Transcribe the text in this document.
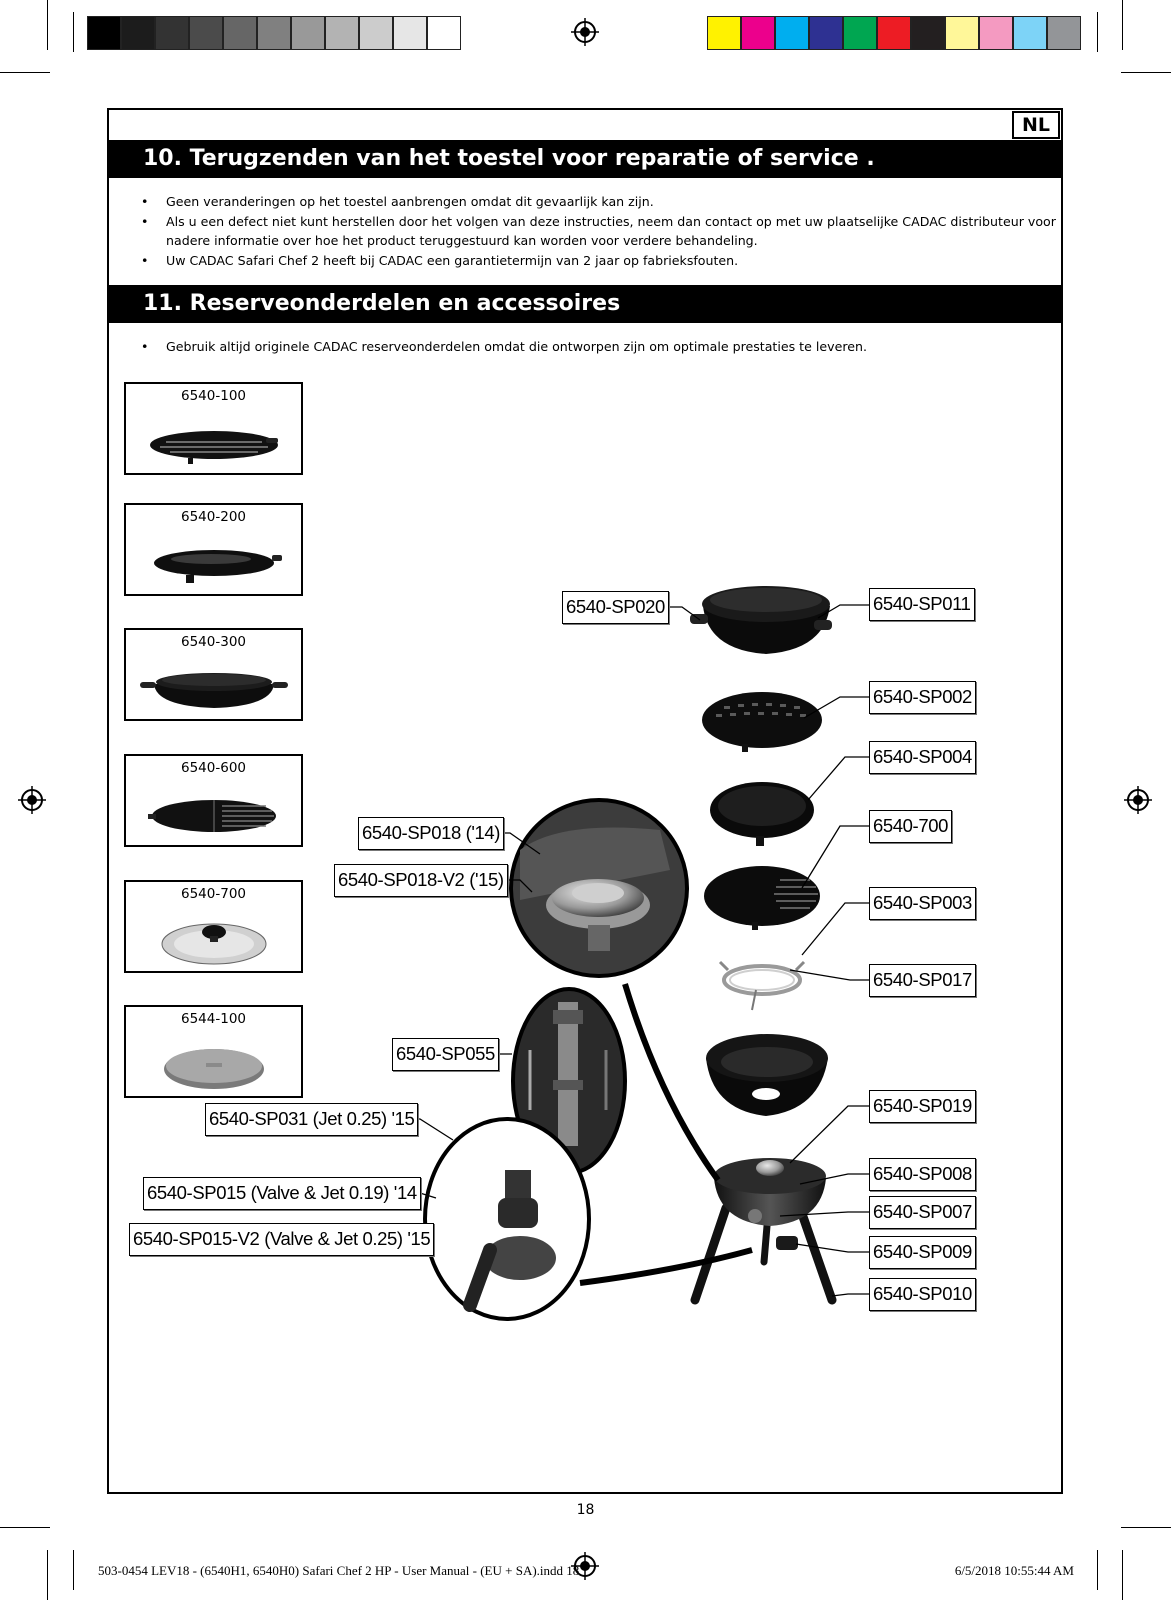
NL
10. Terugzenden van het toestel voor reparatie of service .
• Geen veranderingen op het toestel aanbrengen omdat dit gevaarlijk kan zijn.
• Als u een defect niet kunt herstellen door het volgen van deze instructies, neem dan contact op met uw plaatselijke CADAC distributeur voor nadere informatie over hoe het product teruggestuurd kan worden voor verdere behandeling.
• Uw CADAC Safari Chef 2 heeft bij CADAC een garantietermijn van 2 jaar op fabrieksfouten.
11. Reserveonderdelen en accessoires
• Gebruik altijd originele CADAC reserveonderdelen omdat die ontworpen zijn om optimale prestaties te leveren.
6540-100
6540-200
6540-300
6540-600
6540-700
6544-100
6540-SP020	6540-SP011
6540-SP002
6540-SP004
6540-SP018 ('14)	6540-700
6540-SP018-V2 ('15)
6540-SP003
6540-SP017
6540-SP055
6540-SP031 (Jet 0.25) '15
6540-SP019
6540-SP008
6540-SP015 (Valve & Jet 0.19) '14
6540-SP007
6540-SP015-V2 (Valve & Jet 0.25) '15
6540-SP009
6540-SP010
18
503-0454 LEV18 - (6540H1, 6540H0) Safari Chef 2 HP - User Manual - (EU + SA).indd 18	6/5/2018 10:55:44 AM
